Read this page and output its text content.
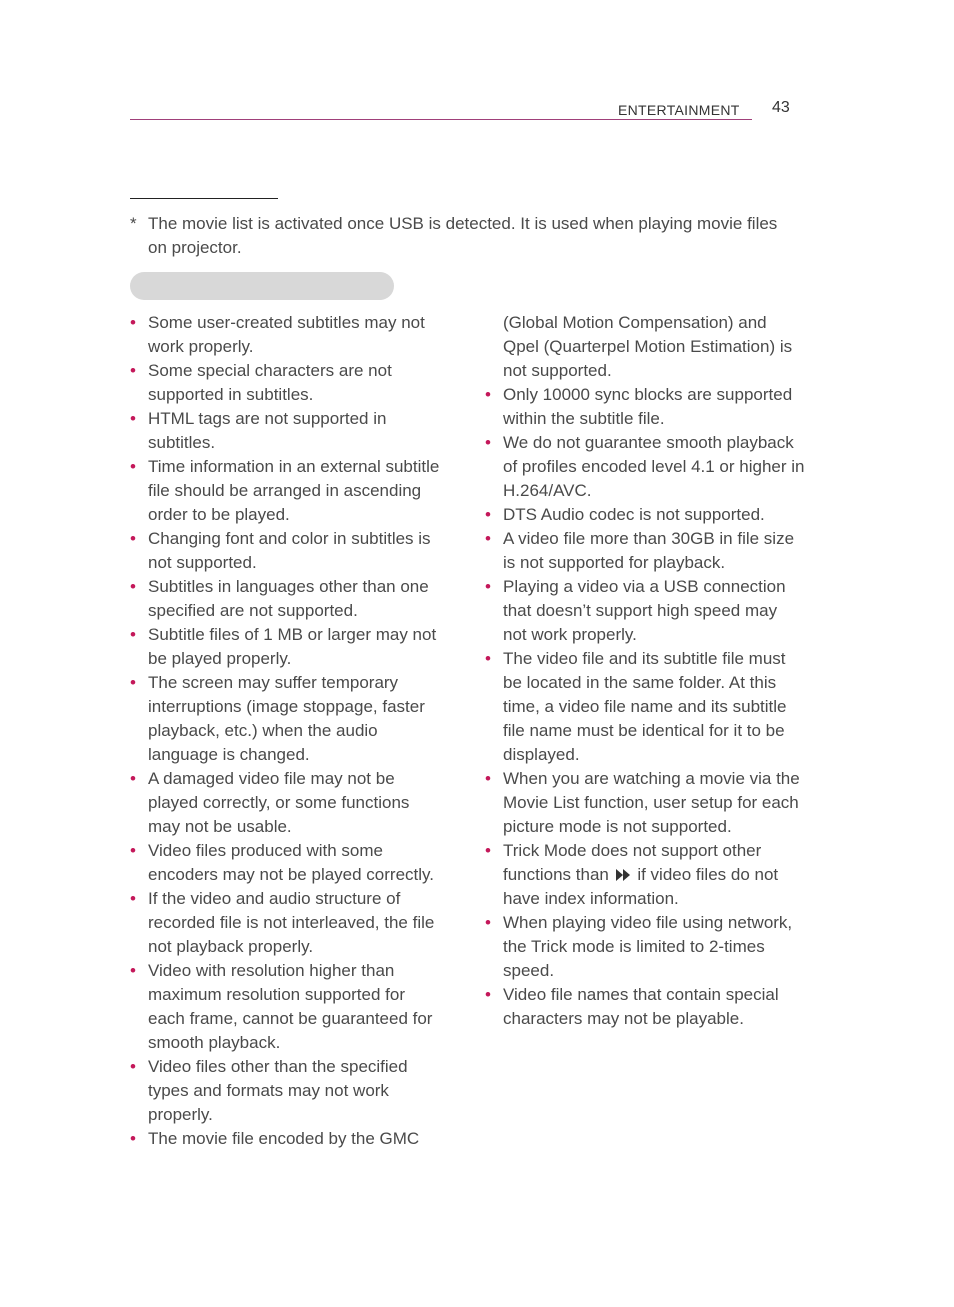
ENTERTAINMENT 43
* The movie list is activated once USB is detected. It is used when playing movie files on projector.
• Some user-created subtitles may not work properly.
• Some special characters are not supported in subtitles.
• HTML tags are not supported in subtitles.
• Time information in an external subtitle file should be arranged in ascending order to be played.
• Changing font and color in subtitles is not supported.
• Subtitles in languages other than one specified are not supported.
• Subtitle files of 1 MB or larger may not be played properly.
• The screen may suffer temporary interruptions (image stoppage, faster playback, etc.) when the audio language is changed.
• A damaged video file may not be played correctly, or some functions may not be usable.
• Video files produced with some encoders may not be played correctly.
• If the video and audio structure of recorded file is not interleaved, the file not playback properly.
• Video with resolution higher than maximum resolution supported for each frame, cannot be guaranteed for smooth playback.
• Video files other than the specified types and formats may not work properly.
• The movie file encoded by the GMC
(Global Motion Compensation) and Qpel (Quarterpel Motion Estimation) is not supported.
• Only 10000 sync blocks are supported within the subtitle file.
• We do not guarantee smooth playback of profiles encoded level 4.1 or higher in H.264/AVC.
• DTS Audio codec is not supported.
• A video file more than 30GB in file size is not supported for playback.
• Playing a video via a USB connection that doesn’t support high speed may not work properly.
• The video file and its subtitle file must be located in the same folder. At this time, a video file name and its subtitle file name must be identical for it to be displayed.
• When you are watching a movie via the Movie List function, user setup for each picture mode is not supported.
• Trick Mode does not support other functions than if video files do not have index information.
• When playing video file using network, the Trick mode is limited to 2-times speed.
• Video file names that contain special characters may not be playable.
